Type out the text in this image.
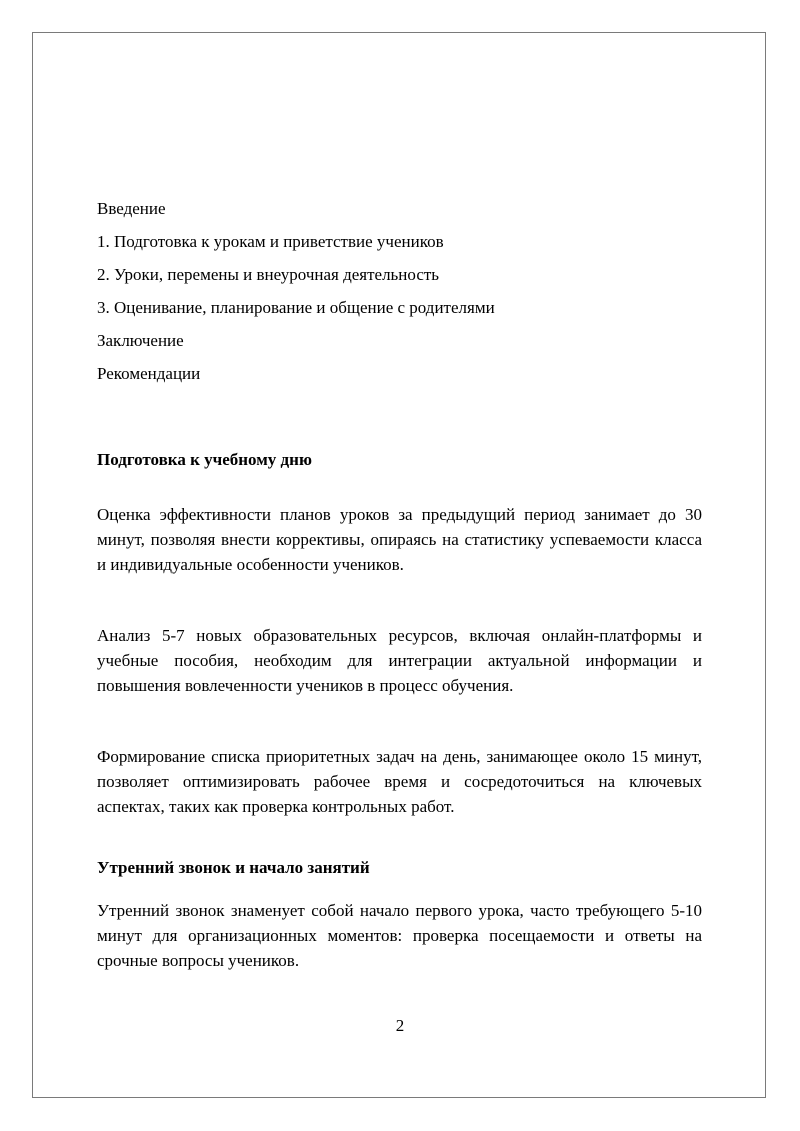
Введение
1. Подготовка к урокам и приветствие учеников
2. Уроки, перемены и внеурочная деятельность
3. Оценивание, планирование и общение с родителями
Заключение
Рекомендации
Подготовка к учебному дню

Оценка эффективности планов уроков за предыдущий период занимает до 30 минут, позволяя внести коррективы, опираясь на статистику успеваемости класса и индивидуальные особенности учеников.

Анализ 5-7 новых образовательных ресурсов, включая онлайн-платформы и учебные пособия, необходим для интеграции актуальной информации и повышения вовлеченности учеников в процесс обучения.

Формирование списка приоритетных задач на день, занимающее около 15 минут, позволяет оптимизировать рабочее время и сосредоточиться на ключевых аспектах, таких как проверка контрольных работ.

Утренний звонок и начало занятий

Утренний звонок знаменует собой начало первого урока, часто требующего 5-10 минут для организационных моментов: проверка посещаемости и ответы на срочные вопросы учеников.

2
